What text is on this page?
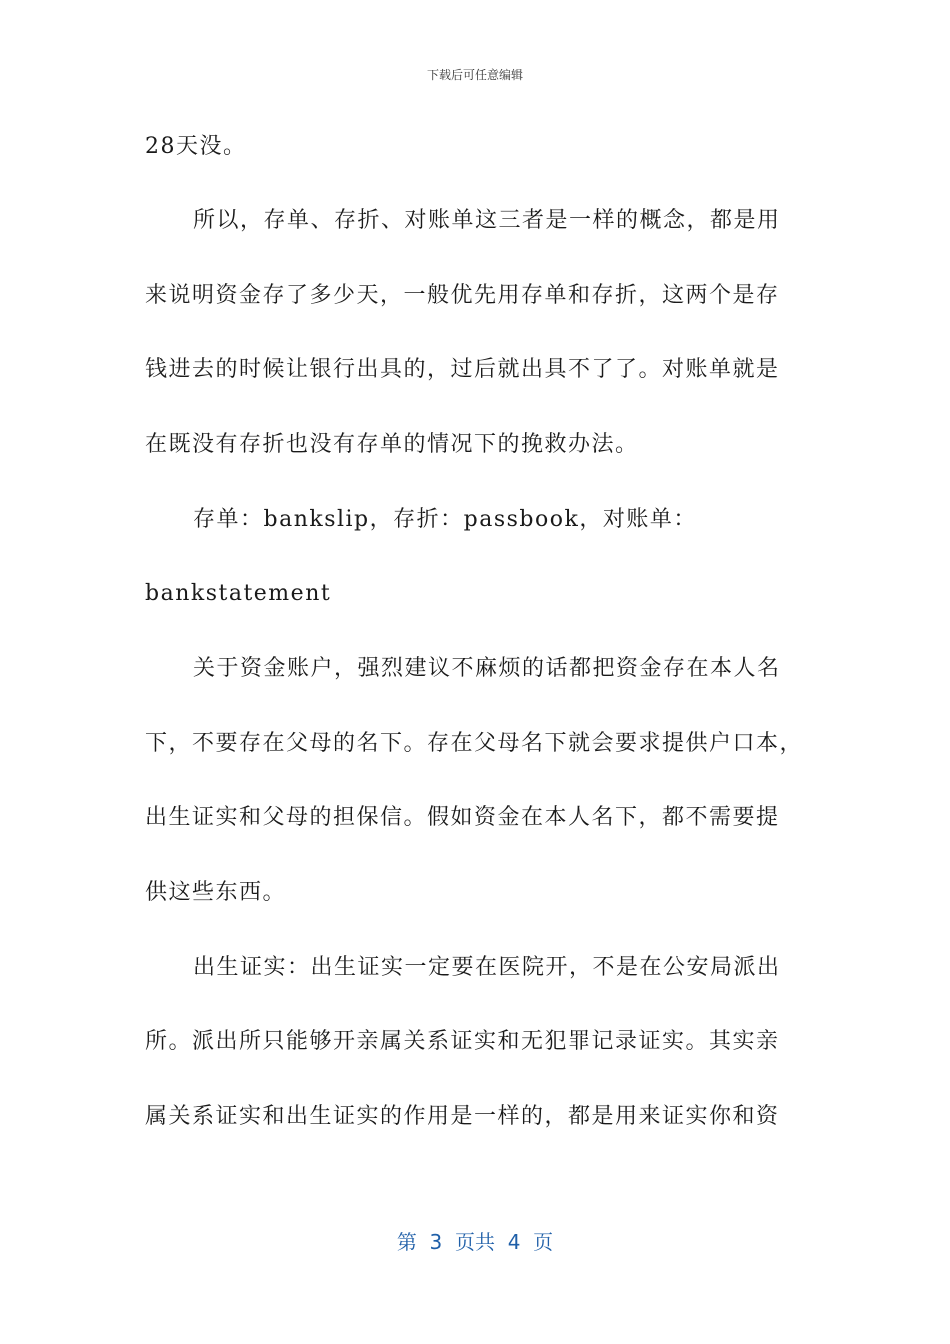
下载后可任意编辑
28天没。
所以，存单、存折、对账单这三者是一样的概念，都是用
来说明资金存了多少天，一般优先用存单和存折，这两个是存
钱进去的时候让银行出具的，过后就出具不了了。对账单就是
在既没有存折也没有存单的情况下的挽救办法。
存单：bankslip，存折：passbook，对账单：
bankstatement
关于资金账户，强烈建议不麻烦的话都把资金存在本人名
下，不要存在父母的名下。存在父母名下就会要求提供户口本，
出生证实和父母的担保信。假如资金在本人名下，都不需要提
供这些东西。
出生证实：出生证实一定要在医院开，不是在公安局派出
所。派出所只能够开亲属关系证实和无犯罪记录证实。其实亲
属关系证实和出生证实的作用是一样的，都是用来证实你和资
第  3  页共  4  页
